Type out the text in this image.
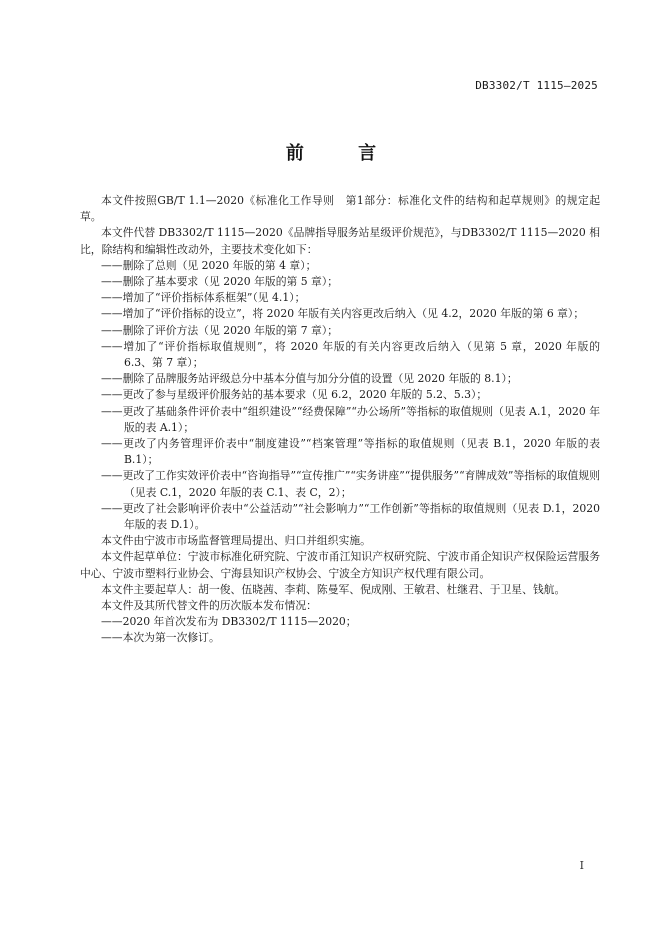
DB3302/T 1115—2025
前 言

本文件按照GB/T 1.1—2020《标准化工作导则　第1部分：标准化文件的结构和起草规则》的规定起草。

本文件代替 DB3302/T 1115—2020《品牌指导服务站星级评价规范》，与DB3302/T 1115—2020 相比，除结构和编辑性改动外，主要技术变化如下：

——删除了总则（见 2020 年版的第 4 章）；

——删除了基本要求（见 2020 年版的第 5 章）；

——增加了“评价指标体系框架”（见 4.1）；

——增加了“评价指标的设立”，将 2020 年版有关内容更改后纳入（见 4.2，2020 年版的第 6 章）；

——删除了评价方法（见 2020 年版的第 7 章）；

——增加了“评价指标取值规则”，将 2020 年版的有关内容更改后纳入（见第 5 章，2020 年版的 6.3、第 7 章）；

——删除了品牌服务站评级总分中基本分值与加分分值的设置（见 2020 年版的 8.1）；

——更改了参与星级评价服务站的基本要求（见 6.2，2020 年版的 5.2、5.3）；

——更改了基础条件评价表中“组织建设”“经费保障”“办公场所”等指标的取值规则（见表 A.1，2020 年版的表 A.1）；

——更改了内务管理评价表中“制度建设”“档案管理”等指标的取值规则（见表 B.1，2020 年版的表 B.1）；

——更改了工作实效评价表中“咨询指导”“宣传推广”“实务讲座”“提供服务”“育牌成效”等指标的取值规则（见表 C.1，2020 年版的表 C.1、表 C，2）；

——更改了社会影响评价表中“公益活动”“社会影响力”“工作创新”等指标的取值规则（见表 D.1，2020 年版的表 D.1）。

本文件由宁波市市场监督管理局提出、归口并组织实施。

本文件起草单位：宁波市标准化研究院、宁波市甬江知识产权研究院、宁波市甬企知识产权保险运营服务中心、宁波市塑料行业协会、宁海县知识产权协会、宁波全方知识产权代理有限公司。

本文件主要起草人：胡一俊、伍晓茜、李莉、陈曼军、倪成刚、王敏君、杜继君、于卫星、钱航。

本文件及其所代替文件的历次版本发布情况：

——2020 年首次发布为 DB3302/T 1115—2020；

——本次为第一次修订。

I
